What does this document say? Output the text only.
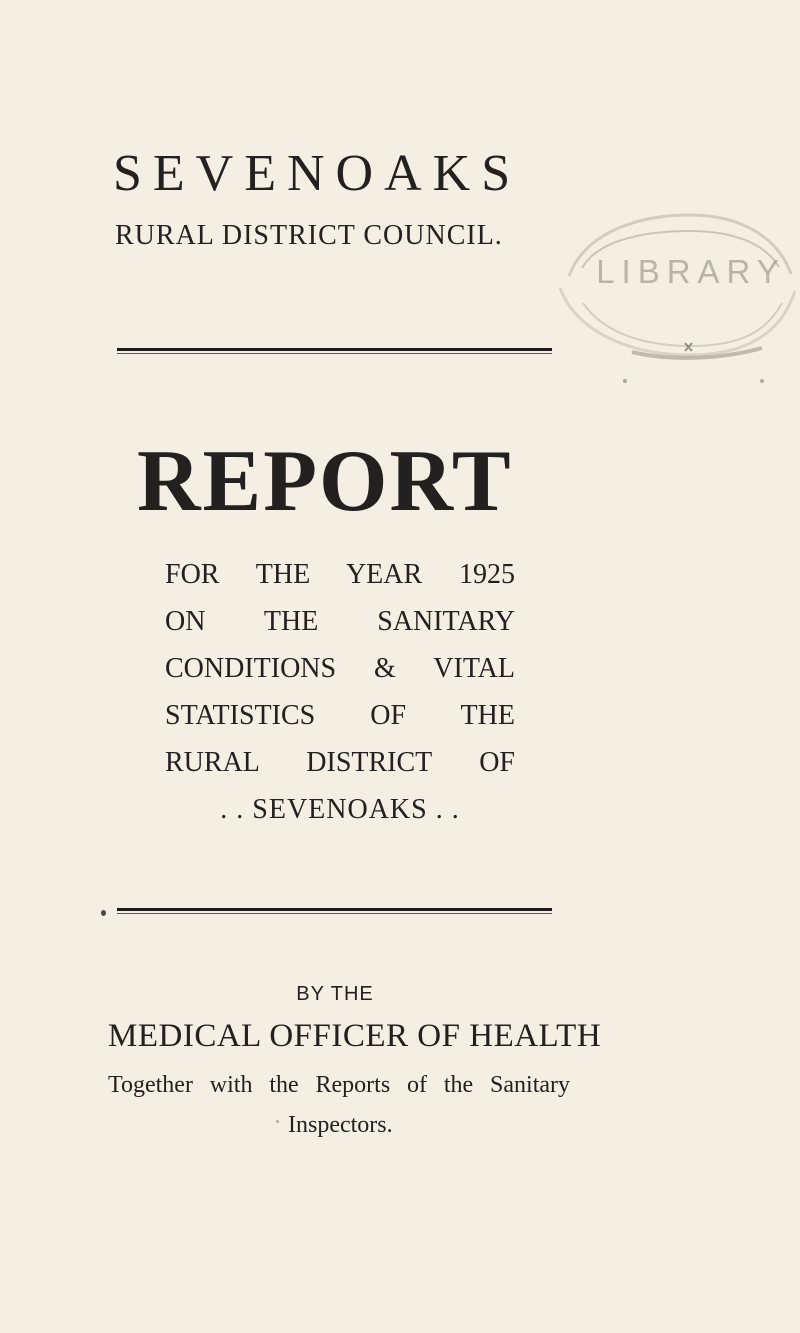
SEVENOAKS
RURAL DISTRICT COUNCIL.
LIBRARY
REPORT
FOR THE YEAR 1925
ON THE SANITARY
CONDITIONS & VITAL
STATISTICS OF THE
RURAL DISTRICT OF
. . SEVENOAKS . .
BY THE
MEDICAL OFFICER OF HEALTH
Together with the Reports of the Sanitary
Inspectors.
